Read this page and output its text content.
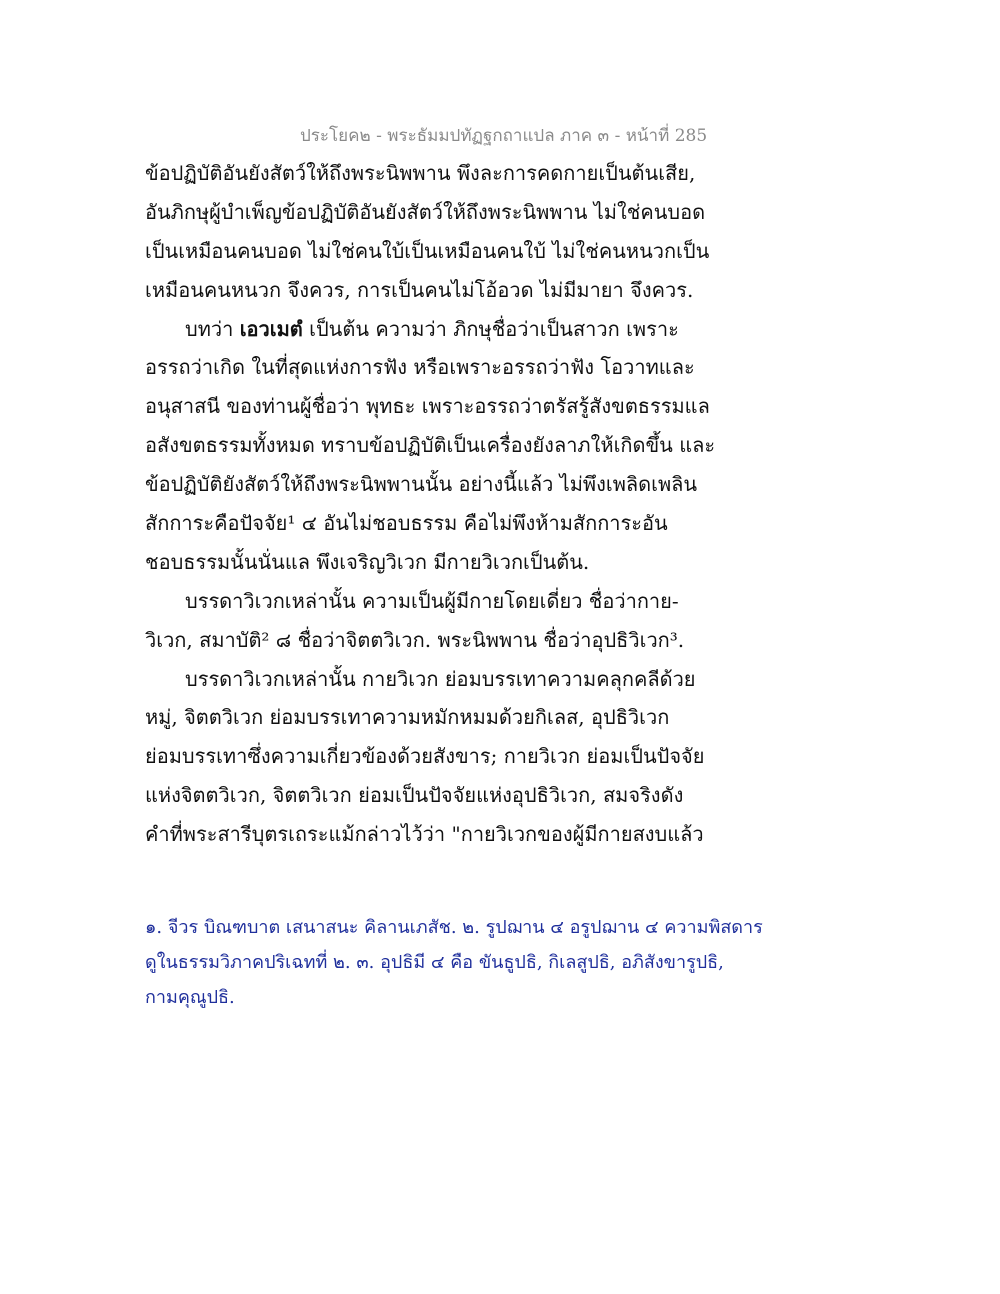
ประโยค๒ - พระธัมมปทัฏฐกถาแปล ภาค ๓ - หน้าที่ 285
ข้อปฏิบัติอันยังสัตว์ให้ถึงพระนิพพาน พึงละการคดกายเป็นต้นเสีย,
อันภิกษุผู้บำเพ็ญข้อปฏิบัติอันยังสัตว์ให้ถึงพระนิพพาน ไม่ใช่คนบอด
เป็นเหมือนคนบอด ไม่ใช่คนใบ้เป็นเหมือนคนใบ้ ไม่ใช่คนหนวกเป็น
เหมือนคนหนวก จึงควร, การเป็นคนไม่โอ้อวด ไม่มีมายา จึงควร.
บทว่า เอวเมตํ เป็นต้น ความว่า ภิกษุชื่อว่าเป็นสาวก เพราะ
อรรถว่าเกิด ในที่สุดแห่งการฟัง หรือเพราะอรรถว่าฟัง โอวาทและ
อนุสาสนี ของท่านผู้ชื่อว่า พุทธะ เพราะอรรถว่าตรัสรู้สังขตธรรมแล
อสังขตธรรมทั้งหมด ทราบข้อปฏิบัติเป็นเครื่องยังลาภให้เกิดขึ้น และ
ข้อปฏิบัติยังสัตว์ให้ถึงพระนิพพานนั้น อย่างนี้แล้ว ไม่พึงเพลิดเพลิน
สักการะคือปัจจัย¹ ๔ อันไม่ชอบธรรม คือไม่พึงห้ามสักการะอัน
ชอบธรรมนั้นนั่นแล พึงเจริญวิเวก มีกายวิเวกเป็นต้น.
บรรดาวิเวกเหล่านั้น ความเป็นผู้มีกายโดยเดี่ยว ชื่อว่ากาย-
วิเวก, สมาบัติ² ๘ ชื่อว่าจิตตวิเวก. พระนิพพาน ชื่อว่าอุปธิวิเวก³.
บรรดาวิเวกเหล่านั้น กายวิเวก ย่อมบรรเทาความคลุกคลีด้วย
หมู่, จิตตวิเวก ย่อมบรรเทาความหมักหมมด้วยกิเลส, อุปธิวิเวก
ย่อมบรรเทาซึ่งความเกี่ยวข้องด้วยสังขาร; กายวิเวก ย่อมเป็นปัจจัย
แห่งจิตตวิเวก, จิตตวิเวก ย่อมเป็นปัจจัยแห่งอุปธิวิเวก, สมจริงดัง
คำที่พระสารีบุตรเถระแม้กล่าวไว้ว่า "กายวิเวกของผู้มีกายสงบแล้ว
๑. จีวร บิณฑบาต เสนาสนะ คิลานเภสัช. ๒. รูปฌาน ๔ อรูปฌาน ๔ ความพิสดาร
ดูในธรรมวิภาคปริเฉทที่ ๒. ๓. อุปธิมี ๔ คือ ขันธูปธิ, กิเลสูปธิ, อภิสังขารูปธิ,
กามคุณูปธิ.
